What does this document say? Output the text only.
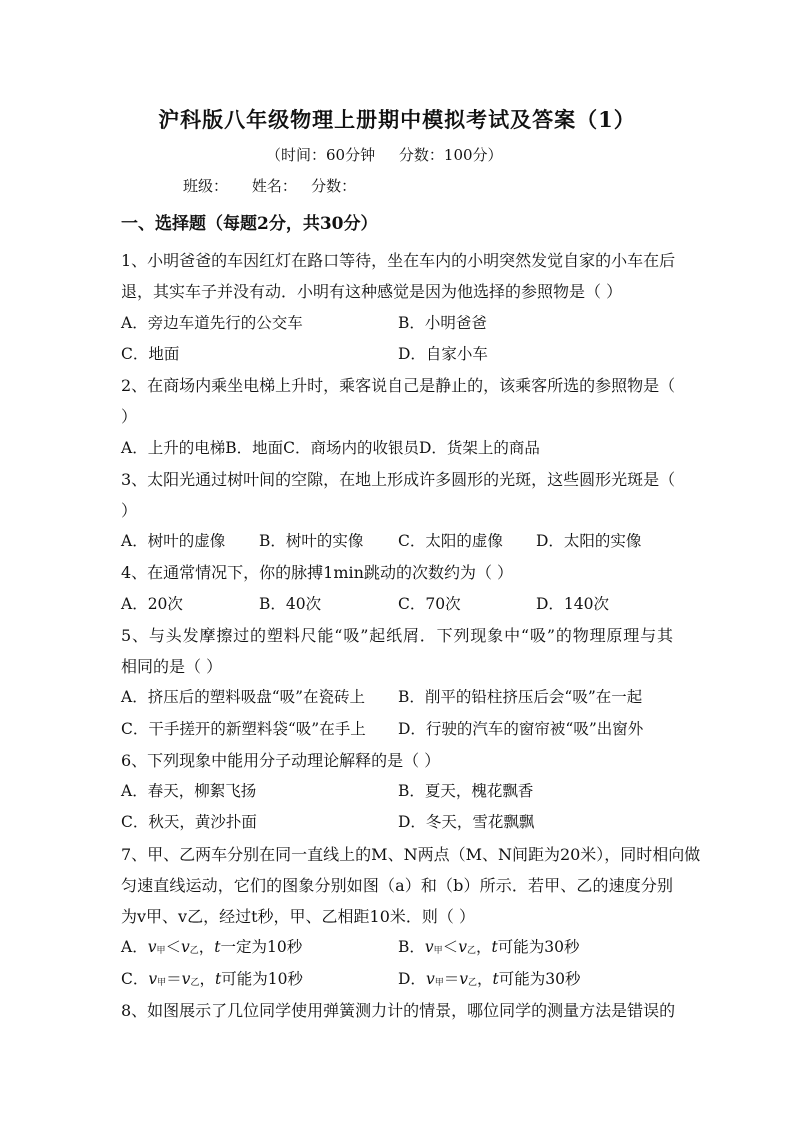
沪科版八年级物理上册期中模拟考试及答案（1）
（时间：60分钟     分数：100分）
班级：     姓名：   分数：
一、选择题（每题2分，共30分）
1、小明爸爸的车因红灯在路口等待，坐在车内的小明突然发觉自家的小车在后
退，其实车子并没有动．小明有这种感觉是因为他选择的参照物是（ ）
A．旁边车道先行的公交车	B．小明爸爸
C．地面	D．自家小车
2、在商场内乘坐电梯上升时，乘客说自己是静止的，该乘客所选的参照物是（
）
A．上升的电梯B．地面C．商场内的收银员D．货架上的商品
3、太阳光通过树叶间的空隙，在地上形成许多圆形的光斑，这些圆形光斑是（
）
A．树叶的虚像 B．树叶的实像 C．太阳的虚像 D．太阳的实像
4、在通常情况下，你的脉搏1min跳动的次数约为（ ）
A．20次	B．40次	C．70次	D．140次
5、与头发摩擦过的塑料尺能“吸”起纸屑．下列现象中“吸”的物理原理与其
相同的是（ ）
A．挤压后的塑料吸盘“吸”在瓷砖上 B．削平的铅柱挤压后会“吸”在一起
C．干手搓开的新塑料袋“吸”在手上 D．行驶的汽车的窗帘被“吸”出窗外
6、下列现象中能用分子动理论解释的是（ ）
A．春天，柳絮飞扬	B．夏天，槐花飘香
C．秋天，黄沙扑面	D．冬天，雪花飘飘
7、甲、乙两车分别在同一直线上的M、N两点（M、N间距为20米），同时相向做
匀速直线运动，它们的图象分别如图（a）和（b）所示．若甲、乙的速度分别
为v甲、v乙，经过t秒，甲、乙相距10米．则（ ）
A．$v_甲<v_乙$，t一定为10秒	B．$v_甲<v_乙$，t可能为30秒
C．$v_甲=v_乙$，t可能为10秒	D．$v_甲=v_乙$，t可能为30秒
8、如图展示了几位同学使用弹簧测力计的情景，哪位同学的测量方法是错误的
